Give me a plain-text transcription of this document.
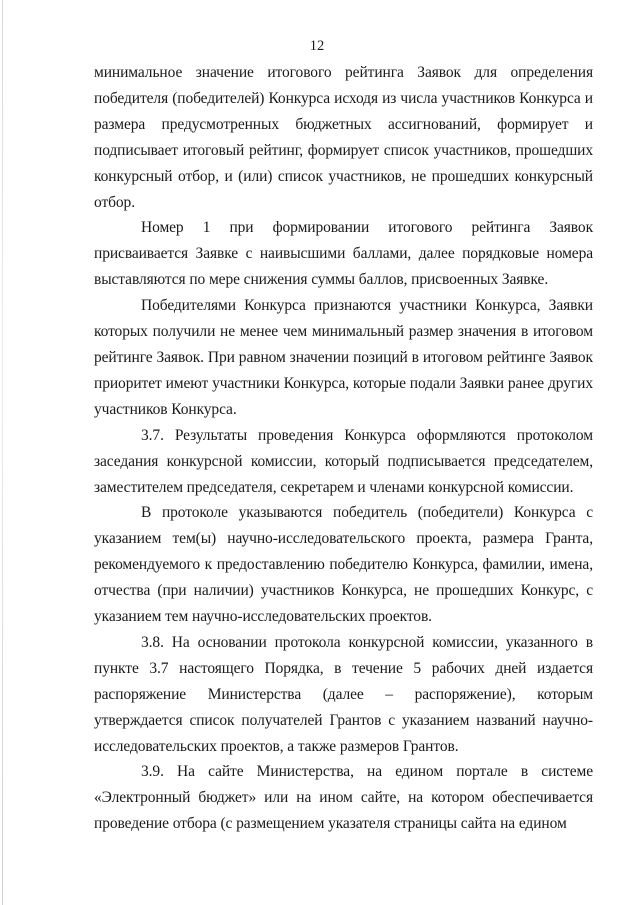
12

минимальное значение итогового рейтинга Заявок для определения победителя (победителей) Конкурса исходя из числа участников Конкурса и размера предусмотренных бюджетных ассигнований, формирует и подписывает итоговый рейтинг, формирует список участников, прошедших конкурсный отбор, и (или) список участников, не прошедших конкурсный отбор.

Номер 1 при формировании итогового рейтинга Заявок присваивается Заявке с наивысшими баллами, далее порядковые номера выставляются по мере снижения суммы баллов, присвоенных Заявке.

Победителями Конкурса признаются участники Конкурса, Заявки которых получили не менее чем минимальный размер значения в итоговом рейтинге Заявок. При равном значении позиций в итоговом рейтинге Заявок приоритет имеют участники Конкурса, которые подали Заявки ранее других участников Конкурса.

3.7. Результаты проведения Конкурса оформляются протоколом заседания конкурсной комиссии, который подписывается председателем, заместителем председателя, секретарем и членами конкурсной комиссии.

В протоколе указываются победитель (победители) Конкурса с указанием тем(ы) научно-исследовательского проекта, размера Гранта, рекомендуемого к предоставлению победителю Конкурса, фамилии, имена, отчества (при наличии) участников Конкурса, не прошедших Конкурс, с указанием тем научно-исследовательских проектов.

3.8. На основании протокола конкурсной комиссии, указанного в пункте 3.7 настоящего Порядка, в течение 5 рабочих дней издается распоряжение Министерства (далее – распоряжение), которым утверждается список получателей Грантов с указанием названий научно-исследовательских проектов, а также размеров Грантов.

3.9. На сайте Министерства, на едином портале в системе «Электронный бюджет» или на ином сайте, на котором обеспечивается проведение отбора (с размещением указателя страницы сайта на едином
